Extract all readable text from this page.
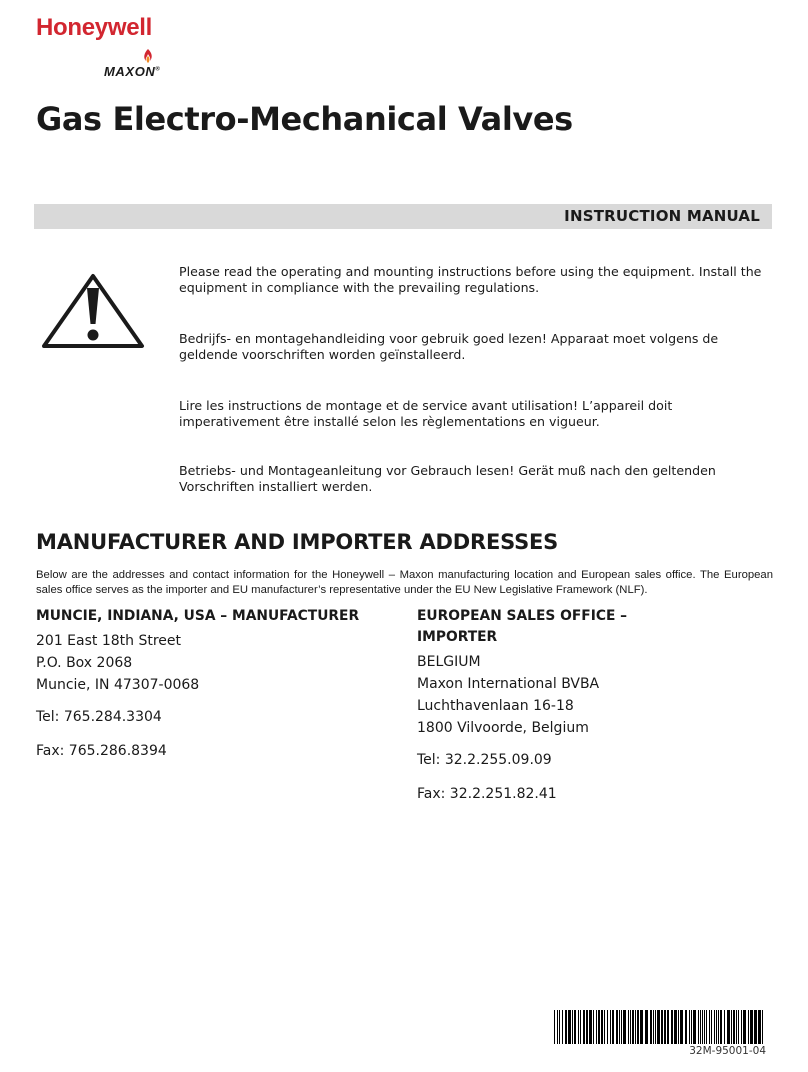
Honeywell
MAXON®
Gas Electro-Mechanical Valves
INSTRUCTION MANUAL

Please read the operating and mounting instructions before using the equipment. Install the equipment in compliance with the prevailing regulations.

Bedrijfs- en montagehandleiding voor gebruik goed lezen! Apparaat moet volgens de geldende voorschriften worden geïnstalleerd.

Lire les instructions de montage et de service avant utilisation! L’appareil doit imperativement être installé selon les règlementations en vigueur.

Betriebs- und Montageanleitung vor Gebrauch lesen! Gerät muß nach den geltenden Vorschriften installiert werden.

MANUFACTURER AND IMPORTER ADDRESSES

Below are the addresses and contact information for the Honeywell – Maxon manufacturing location and European sales office. The European sales office serves as the importer and EU manufacturer’s representative under the EU New Legislative Framework (NLF).

MUNCIE, INDIANA, USA – MANUFACTURER
201 East 18th Street
P.O. Box 2068
Muncie, IN 47307-0068
Tel: 765.284.3304
Fax: 765.286.8394
EUROPEAN SALES OFFICE –
IMPORTER
BELGIUM
Maxon International BVBA
Luchthavenlaan 16-18
1800 Vilvoorde, Belgium
Tel: 32.2.255.09.09
Fax: 32.2.251.82.41
32M-95001-04
